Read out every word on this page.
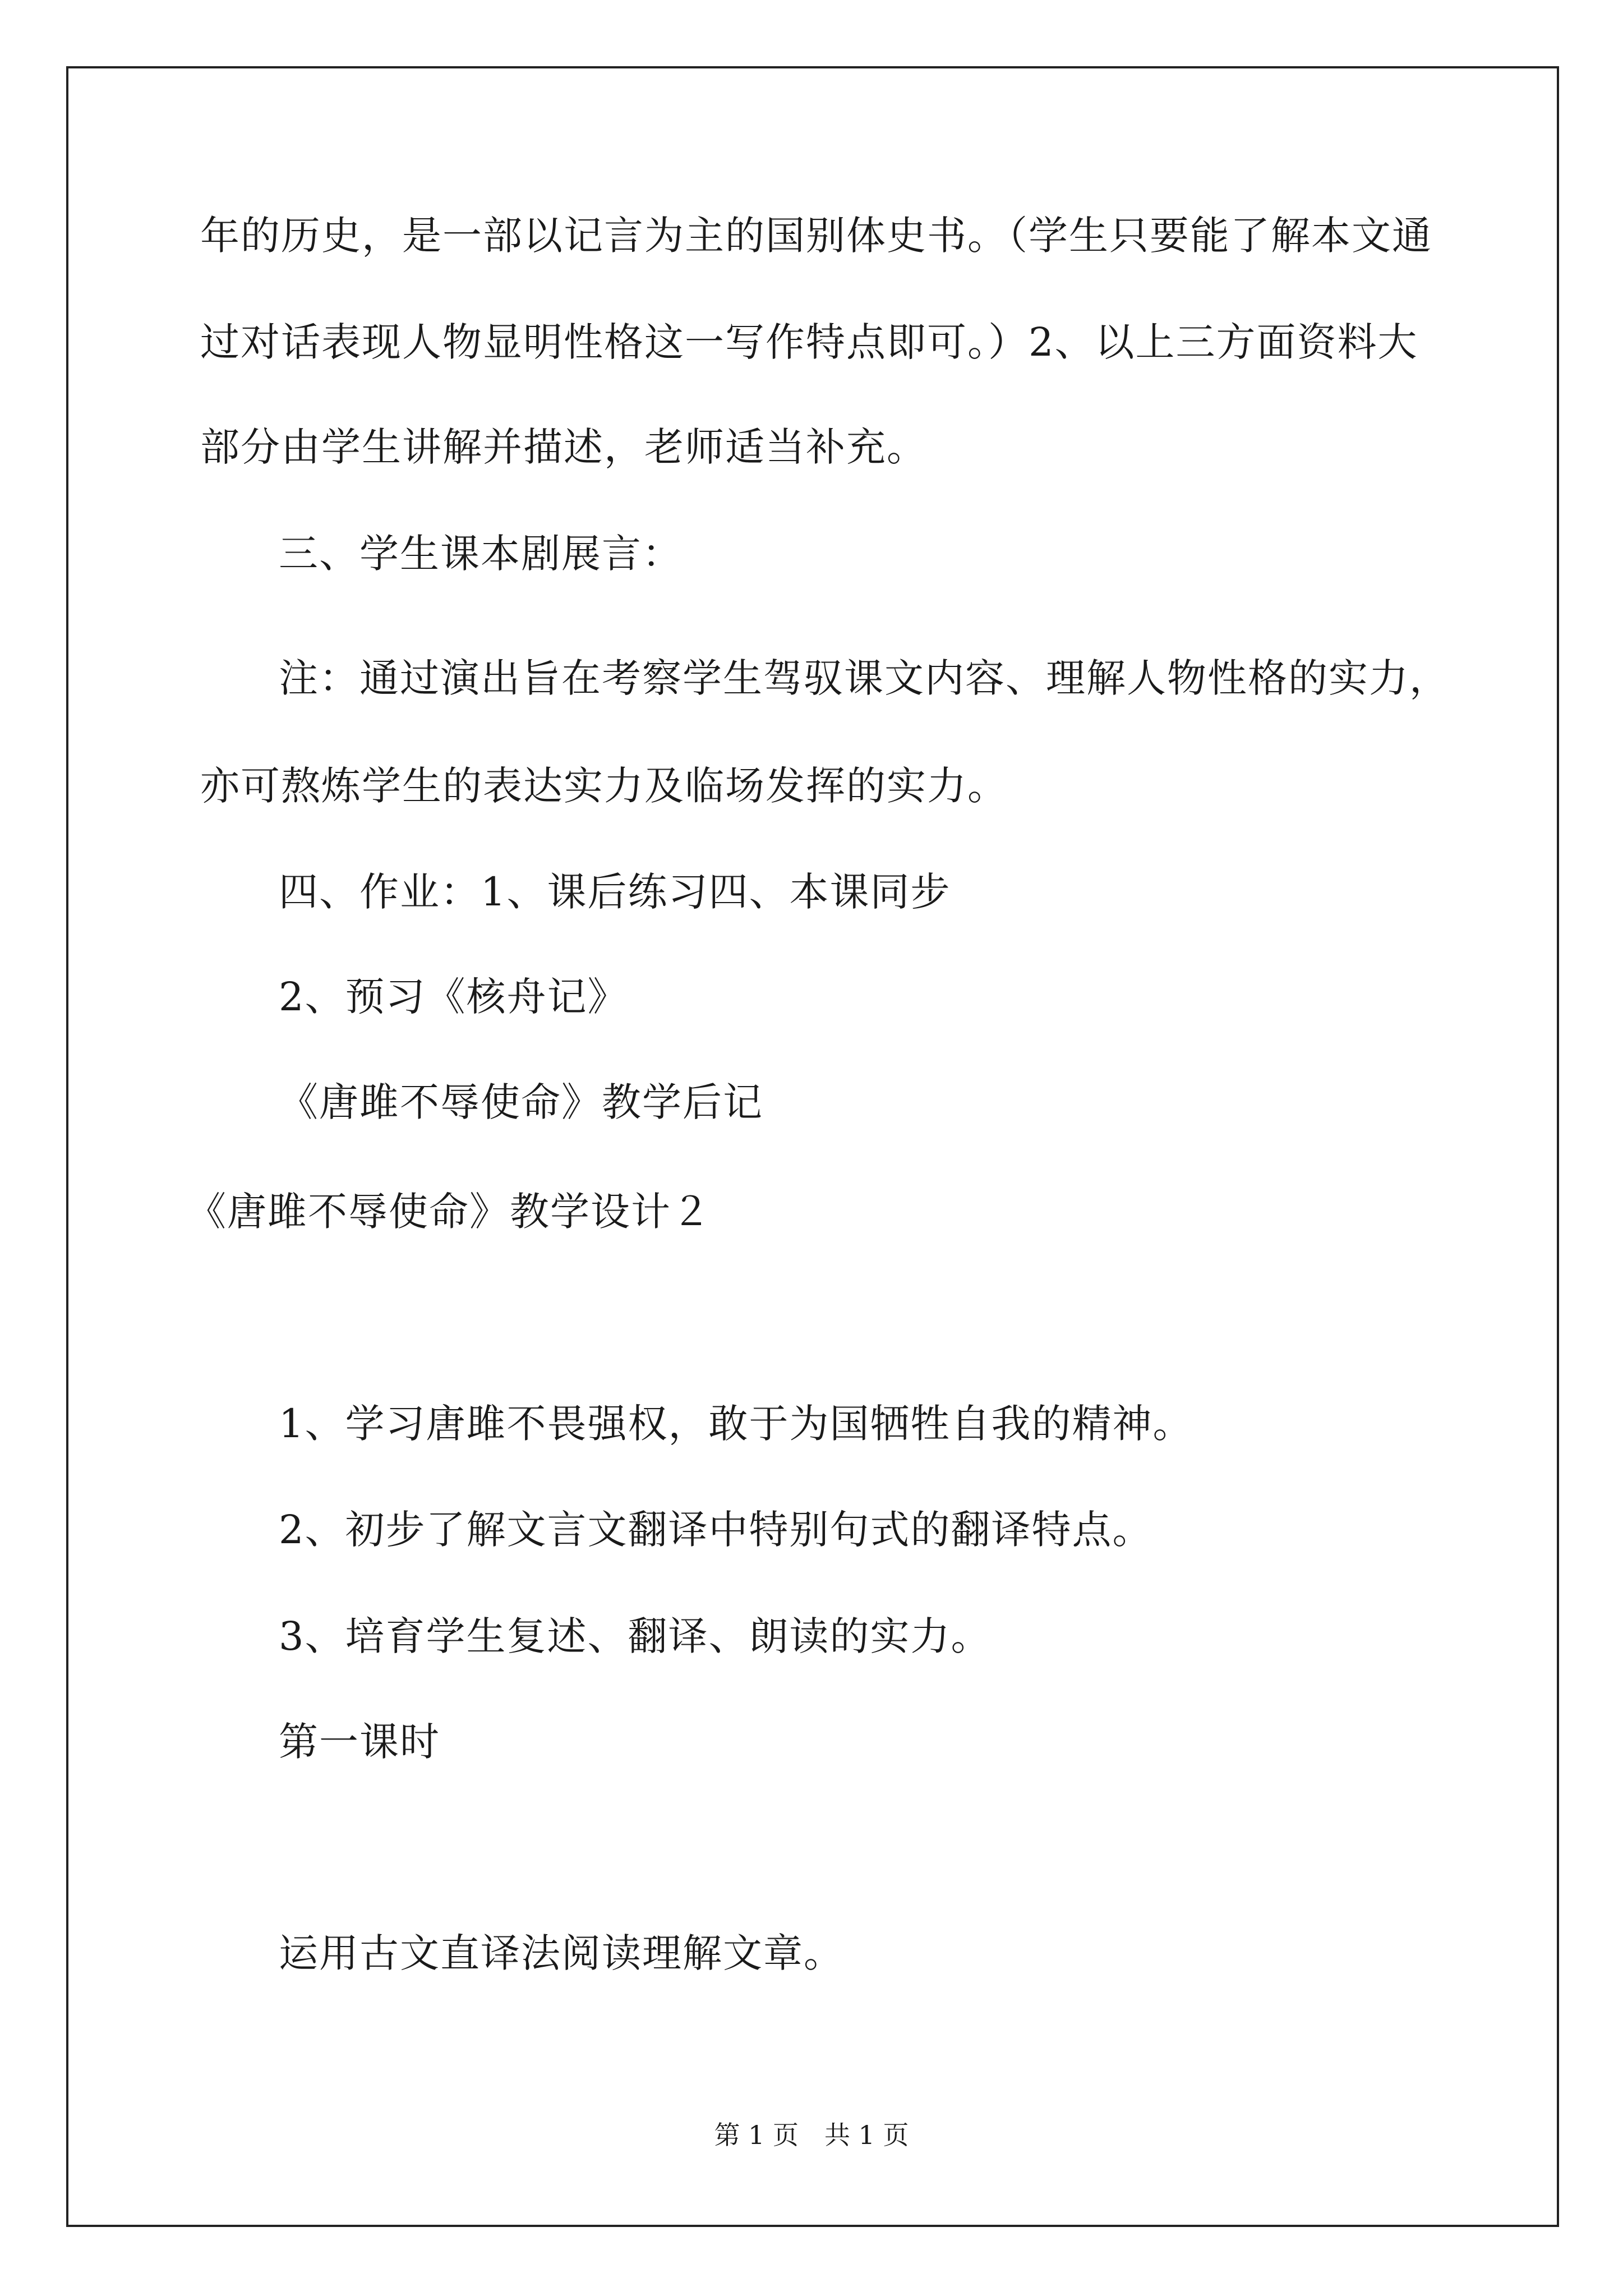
年的历史，是一部以记言为主的国别体史书。（学生只要能了解本文通
过对话表现人物显明性格这一写作特点即可。）2、以上三方面资料大
部分由学生讲解并描述，老师适当补充。
三、学生课本剧展言：
注：通过演出旨在考察学生驾驭课文内容、理解人物性格的实力，
亦可熬炼学生的表达实力及临场发挥的实力。
四、作业：1、课后练习四、本课同步
2、预习《核舟记》
《唐雎不辱使命》教学后记
《唐雎不辱使命》教学设计２
1、学习唐雎不畏强权，敢于为国牺牲自我的精神。
2、初步了解文言文翻译中特别句式的翻译特点。
3、培育学生复述、翻译、朗读的实力。
第一课时
运用古文直译法阅读理解文章。
第 1 页　共 1 页
